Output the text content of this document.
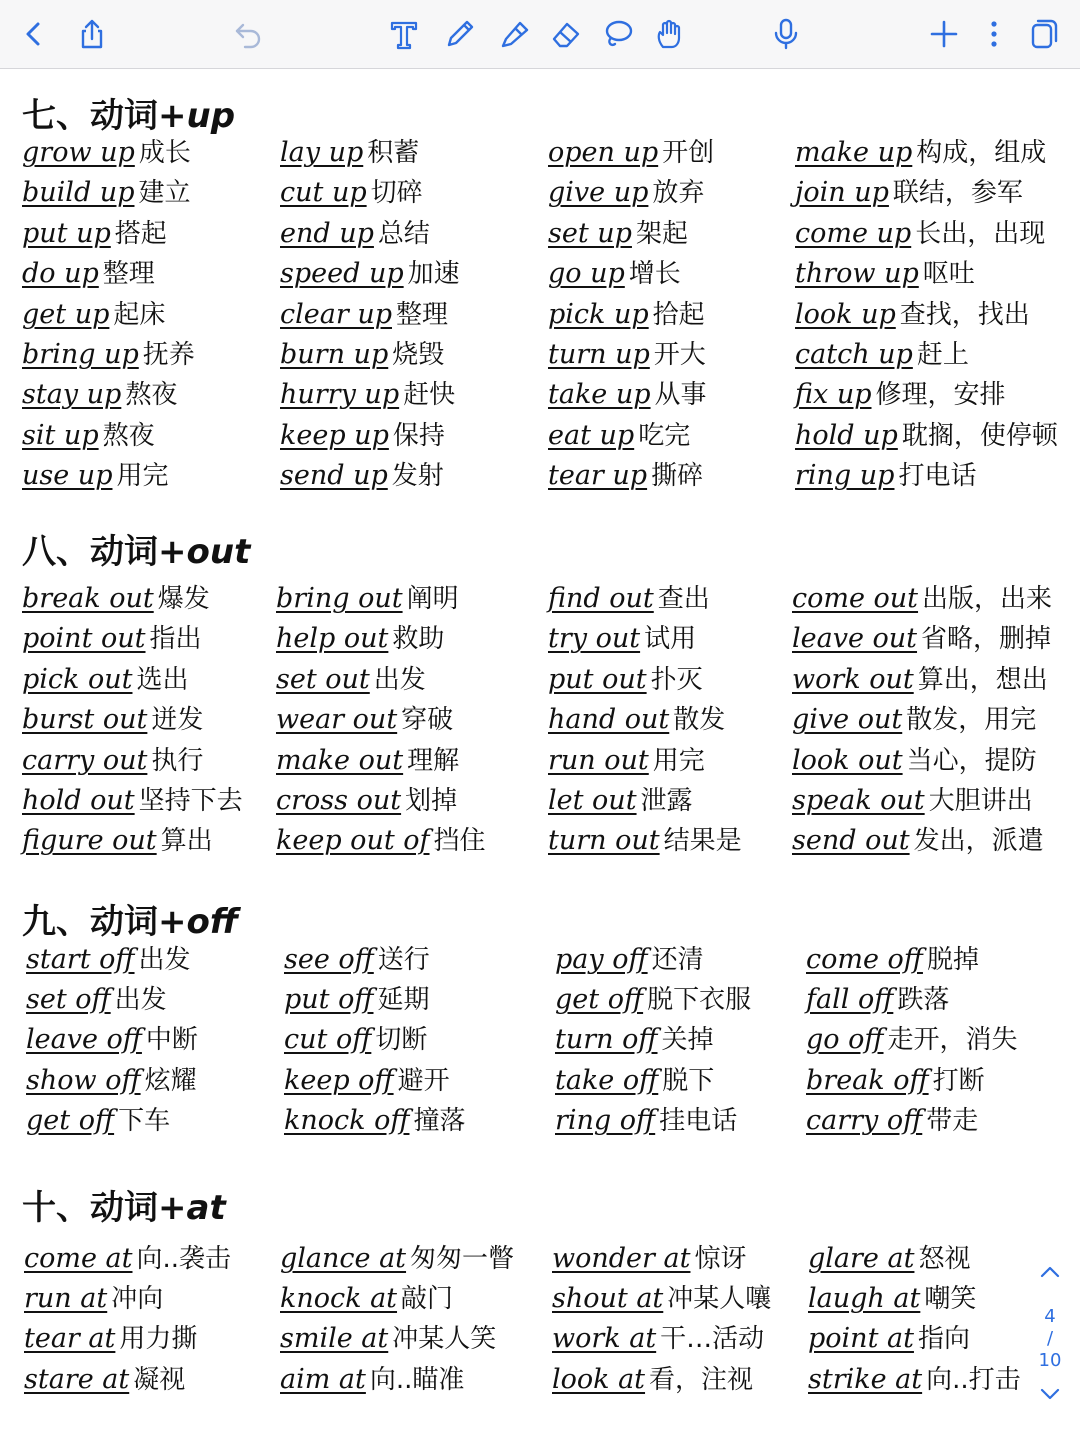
七、动词+up
grow up 成长
build up 建立
put up 搭起
do up 整理
get up 起床
bring up 抚养
stay up 熬夜
sit up 熬夜
use up 用完
lay up 积蓄
cut up 切碎
end up 总结
speed up 加速
clear up 整理
burn up 烧毁
hurry up 赶快
keep up 保持
send up 发射
open up 开创
give up 放弃
set up 架起
go up 增长
pick up 拾起
turn up 开大
take up 从事
eat up 吃完
tear up 撕碎
make up 构成，组成
join up 联结，参军
come up 长出，出现
throw up 呕吐
look up 查找，找出
catch up 赶上
fix up 修理，安排
hold up 耽搁，使停顿
ring up 打电话
八、动词+out
break out 爆发
point out 指出
pick out 选出
burst out 迸发
carry out 执行
hold out 坚持下去
figure out 算出
bring out 阐明
help out 救助
set out 出发
wear out 穿破
make out 理解
cross out 划掉
keep out of 挡住
find out 查出
try out 试用
put out 扑灭
hand out 散发
run out 用完
let out 泄露
turn out 结果是
come out 出版，出来
leave out 省略，删掉
work out 算出，想出
give out 散发，用完
look out 当心，提防
speak out 大胆讲出
send out 发出，派遣
九、动词+off
start off 出发
set off 出发
leave off 中断
show off 炫耀
get off 下车
see off 送行
put off 延期
cut off 切断
keep off 避开
knock off 撞落
pay off 还清
get off 脱下衣服
turn off 关掉
take off 脱下
ring off 挂电话
come off 脱掉
fall off 跌落
go off 走开，消失
break off 打断
carry off 带走
十、动词+at
come at 向..袭击
run at 冲向
tear at 用力撕
stare at 凝视
glance at 匆匆一瞥
knock at 敲门
smile at 冲某人笑
aim at 向..瞄准
wonder at 惊讶
shout at 冲某人嚷
work at 干…活动
look at 看，注视
glare at 怒视
laugh at 嘲笑
point at 指向
strike at 向..打击
4
/
10
